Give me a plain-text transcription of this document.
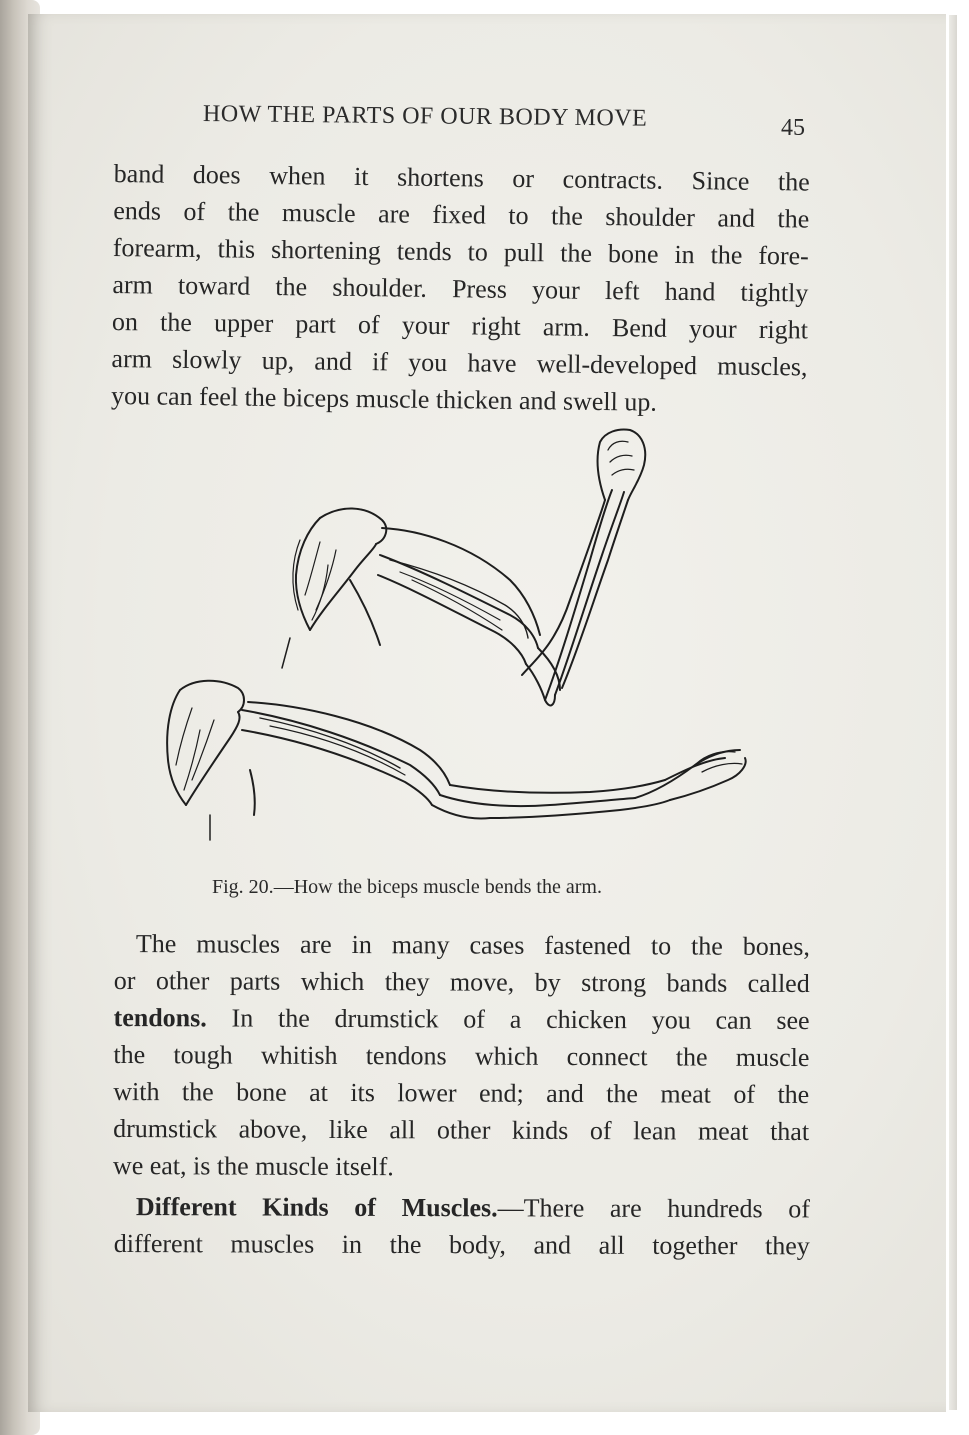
HOW THE PARTS OF OUR BODY MOVE	45
band does when it shortens or contracts. Since the
ends of the muscle are fixed to the shoulder and the
forearm, this shortening tends to pull the bone in the fore-
arm toward the shoulder. Press your left hand tightly
on the upper part of your right arm. Bend your right
arm slowly up, and if you have well-developed muscles,
you can feel the biceps muscle thicken and swell up.
Fig. 20.—How the biceps muscle bends the arm.
The muscles are in many cases fastened to the bones,
or other parts which they move, by strong bands called
tendons. In the drumstick of a chicken you can see
the tough whitish tendons which connect the muscle
with the bone at its lower end; and the meat of the
drumstick above, like all other kinds of lean meat that
we eat, is the muscle itself.
Different Kinds of Muscles.—There are hundreds of
different muscles in the body, and all together they
